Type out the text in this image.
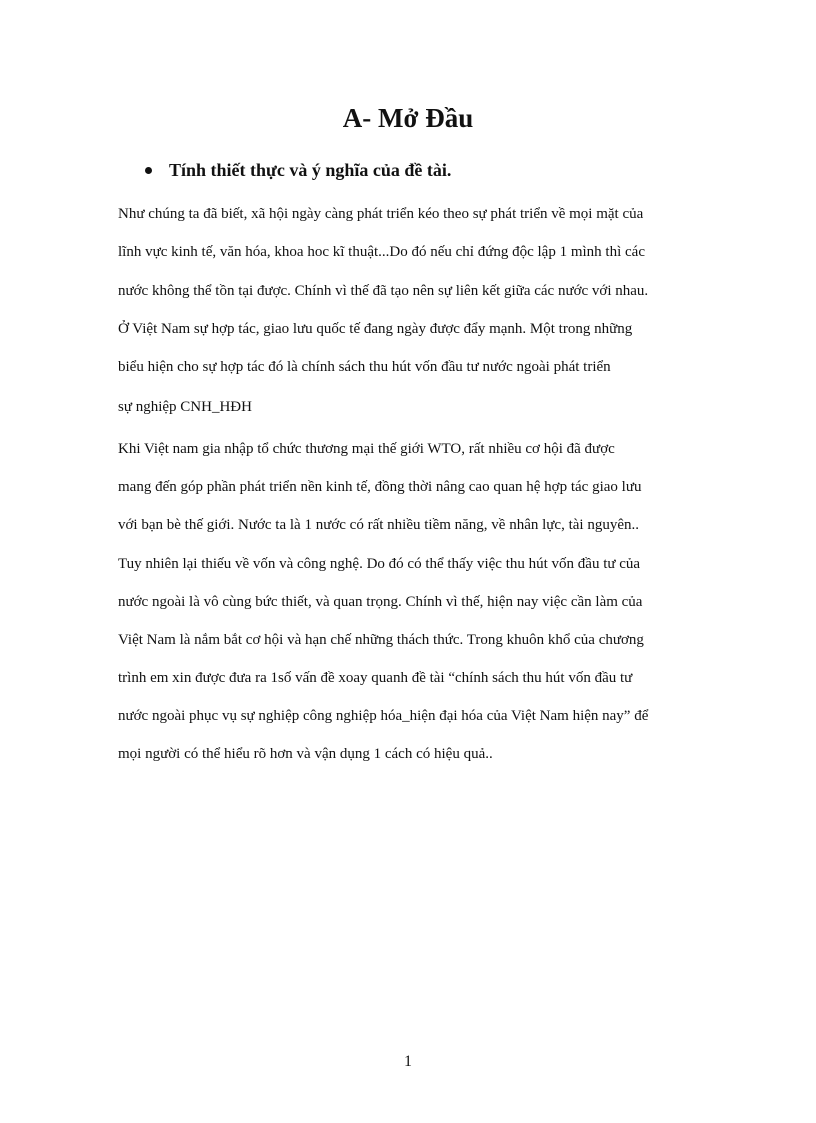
A- Mở Đầu
Tính thiết thực và ý nghĩa của đề tài.
Như chúng ta đã biết, xã hội ngày càng phát triển kéo theo sự phát triển về mọi mặt của
lĩnh vực kinh tế, văn hóa, khoa hoc kĩ thuật...Do đó nếu chỉ đứng độc lập 1 mình thì các
nước không thể tồn tại được. Chính vì thế đã tạo nên sự liên kết giữa các nước với nhau.
Ở Việt Nam sự hợp tác, giao lưu quốc tế đang ngày được đẩy mạnh. Một trong những
biểu hiện cho sự hợp tác đó là chính sách thu hút vốn đầu tư nước ngoài phát triển
sự nghiệp CNH_HĐH
Khi Việt nam gia nhập tổ chức thương mại thế giới WTO, rất nhiều cơ hội đã được
mang đến góp phần phát triển nền kinh tế, đồng thời nâng cao quan hệ hợp tác giao lưu
với bạn bè thế giới. Nước ta là 1 nước có rất nhiều tiềm năng, về nhân lực, tài nguyên..
Tuy nhiên lại thiếu về vốn và công nghệ. Do đó có thể thấy việc thu hút vốn đầu tư của
nước ngoài là vô cùng bức thiết, và quan trọng. Chính vì thế, hiện nay việc cần làm của
Việt Nam là nắm bắt cơ hội và hạn chế những thách thức. Trong khuôn khổ của chương
trình em xin được đưa ra 1số vấn đề xoay quanh đề tài “chính sách thu hút vốn đầu tư
nước ngoài phục vụ sự nghiệp công nghiệp hóa_hiện đại hóa của Việt Nam hiện nay” để
mọi người có thể hiểu rõ hơn và vận dụng 1 cách có hiệu quả..
1
